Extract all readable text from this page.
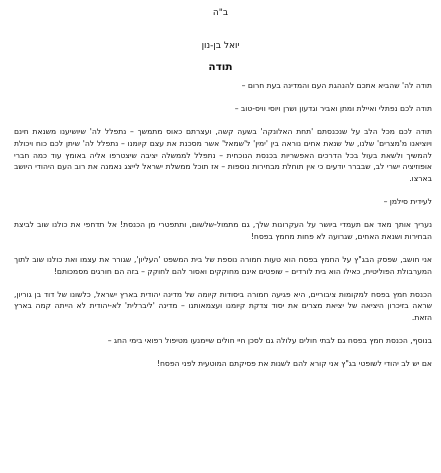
ב"ה
יואל בן-נון
תודה

תודה לה' שהביא אתכם להנהגת העם והמדינה בעת חרום –

תודה לכם נפתלי ואיילת ומתן ואביר וגדעון ושרן ויוסי וויס-טוב –

תודה לכם מכל הלב על שנכנסתם 'תחת האלונקה' בשעה קשה, ועצרתם כאוס מתמשך – נתפלל לה' שיושיענו משנאת חינם ויוציאנו מ'מצרים' שלנו, של שנאת אחים נוראה בין 'ימין' ל'שמאל' אשר מסכנת את עצם קיומנו – נתפלל לה' שיתן לכם כוח ויכולת להמשיך ולשאת בעול בכל הדרכים האפשריות בכנסת הנוכחית – נתפלל לממשלה יציבה שיצטרפו אליה באומץ עוד כמה חברי אופוזיציה ישרי לב, שבברר יודעים כי אין תוחלת מבחירות נוספות – אז תוכל ממשלת ישראל לייצג נאמנה את רוב העם היהודי היושב בארצו.

לעידית סילמן –

נעריך אותך מאד אם תעמדי ביושר על העקרונות שלך, גם מתמול-שלשום, ותתפטרי מן הכנסת! אל תדחפי את כולנו שוב לביצת הבחירות ושנאת האחים, שגרועה לא פחות מחמץ בפסח!

אני חושב, שפסק הבג"ץ על החמץ בפסח הוא טעות חמורה נוספת של בית המשפט 'העליון', שגורר את עצמו ואת כולנו שוב לתוך המערבולת הפוליטית, כאילו הוא בית לורדים – שופטים אינם מחוקקים ואסור להם לחוקק – בזה הם חורגים מסמכותם!

הכנסת חמץ בפסח למקומות ציבוריים, היא פגיעה חמורה ביסודות קיומה של מדינה יהודית בארץ ישראל, כלשונו של דוד בן גוריון, שראה בזיכרון היציאה של יציאת מצרים את יסוד צדקת קיומנו ועצמאותנו – מדינה 'ליברלית' לא-יהודית לא הייתה קמה בארץ הזאת.

בנוסף, הכנסת חמץ בפסח גם לבתי חולים עלולה גם לסכן חיי חולים שיימנעו מטיפול רפואי בימי החג –

אם יש לב יהודי לשופטי בג"ץ אני קורא להם לשנות את פסיקתם המוטעית לפני הפסח!
